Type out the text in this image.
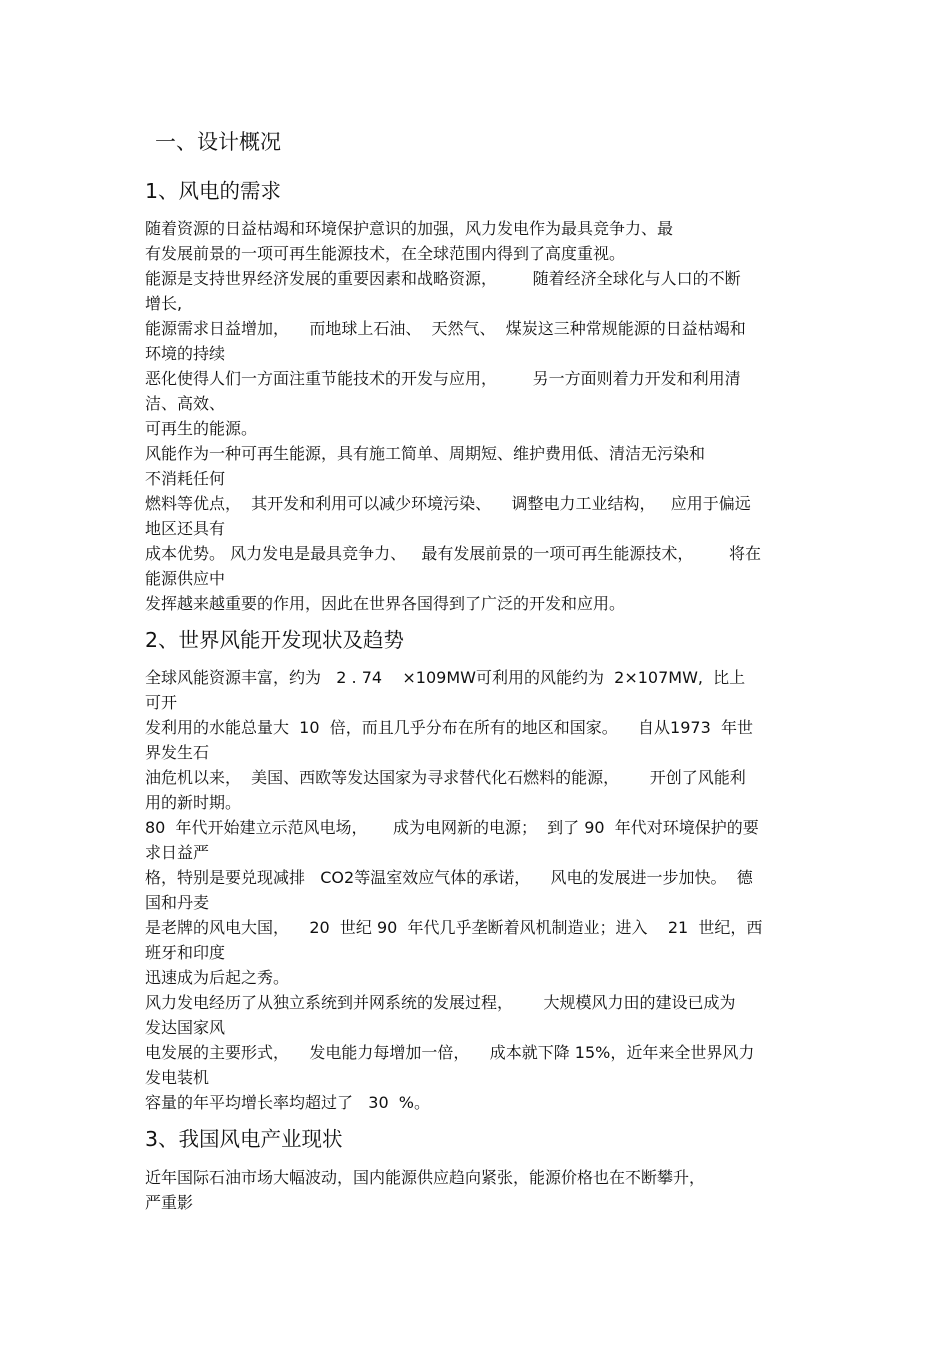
一、设计概况
1、风电的需求
随着资源的日益枯竭和环境保护意识的加强，风力发电作为最具竞争力、最
有发展前景的一项可再生能源技术，在全球范围内得到了高度重视。
能源是支持世界经济发展的重要因素和战略资源，       随着经济全球化与人口的不断
增长,
能源需求日益增加，    而地球上石油、  天然气、  煤炭这三种常规能源的日益枯竭和
环境的持续
恶化使得人们一方面注重节能技术的开发与应用，       另一方面则着力开发和利用清
洁、高效、
可再生的能源。
风能作为一种可再生能源，具有施工简单、周期短、维护费用低、清洁无污染和
不消耗任何
燃料等优点，  其开发和利用可以减少环境污染、    调整电力工业结构，   应用于偏远
地区还具有
成本优势。 风力发电是最具竞争力、   最有发展前景的一项可再生能源技术，       将在
能源供应中
发挥越来越重要的作用，因此在世界各国得到了广泛的开发和应用。
2、世界风能开发现状及趋势
全球风能资源丰富，约为   2 . 74    ×109MW可利用的风能约为  2×107MW,  比上
可开
发利用的水能总量大  10  倍，而且几乎分布在所有的地区和国家。    自从1973  年世
界发生石
油危机以来，  美国、西欧等发达国家为寻求替代化石燃料的能源，      开创了风能利
用的新时期。
80  年代开始建立示范风电场，     成为电网新的电源；  到了 90  年代对环境保护的要
求日益严
格，特别是要兑现减排   CO2等温室效应气体的承诺，    风电的发展进一步加快。  德
国和丹麦
是老牌的风电大国，    20  世纪 90  年代几乎垄断着风机制造业；进入    21  世纪，西
班牙和印度
迅速成为后起之秀。
风力发电经历了从独立系统到并网系统的发展过程，      大规模风力田的建设已成为
发达国家风
电发展的主要形式，    发电能力每增加一倍，    成本就下降 15%，近年来全世界风力
发电装机
容量的年平均增长率均超过了   30  %。
3、我国风电产业现状
近年国际石油市场大幅波动，国内能源供应趋向紧张，能源价格也在不断攀升，
严重影
